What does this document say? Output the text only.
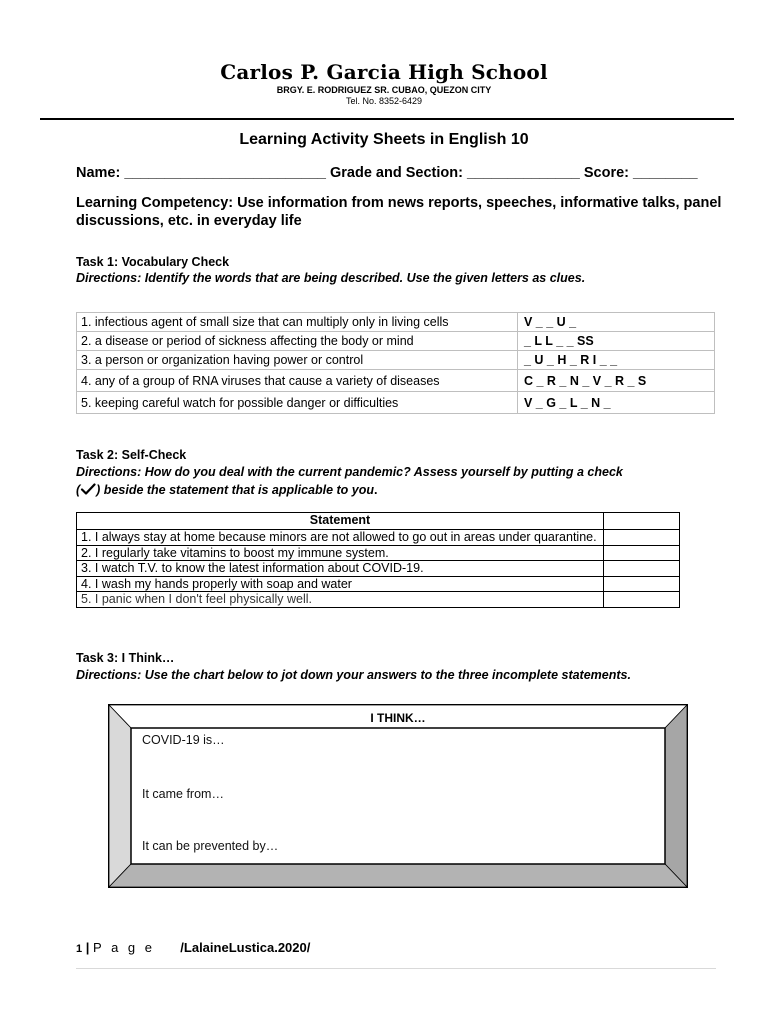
Carlos P. Garcia High School
BRGY. E. RODRIGUEZ SR. CUBAO, QUEZON CITY
Tel. No. 8352-6429
Learning Activity Sheets in English 10
Name: _________________________ Grade and Section: ______________ Score: ________
Learning Competency: Use information from news reports, speeches, informative talks, panel discussions, etc. in everyday life
Task 1: Vocabulary Check
Directions: Identify the words that are being described. Use the given letters as clues.
1. infectious agent of small size that can multiply only in living cells	V _ _ U _
2. a disease or period of sickness affecting the body or mind	_ L L _ _ SS
3. a person or organization having power or control	_ U _ H _ R I _ _
4. any of a group of RNA viruses that cause a variety of diseases	C _ R _ N _ V _ R _ S
5. keeping careful watch for possible danger or difficulties	V _ G _ L _ N _
Task 2: Self-Check
Directions: How do you deal with the current pandemic? Assess yourself by putting a check
( ) beside the statement that is applicable to you.
Statement	
1. I always stay at home because minors are not allowed to go out in areas under quarantine.	
2. I regularly take vitamins to boost my immune system.	
3. I watch T.V. to know the latest information about COVID-19.	
4. I wash my hands properly with soap and water	
5. I panic when I don't feel physically well.	
Task 3: I Think…
Directions: Use the chart below to jot down your answers to the three incomplete statements.
I THINK…
COVID-19 is…
It came from…
It can be prevented by…
1 | P a g e /LalaineLustica.2020/
